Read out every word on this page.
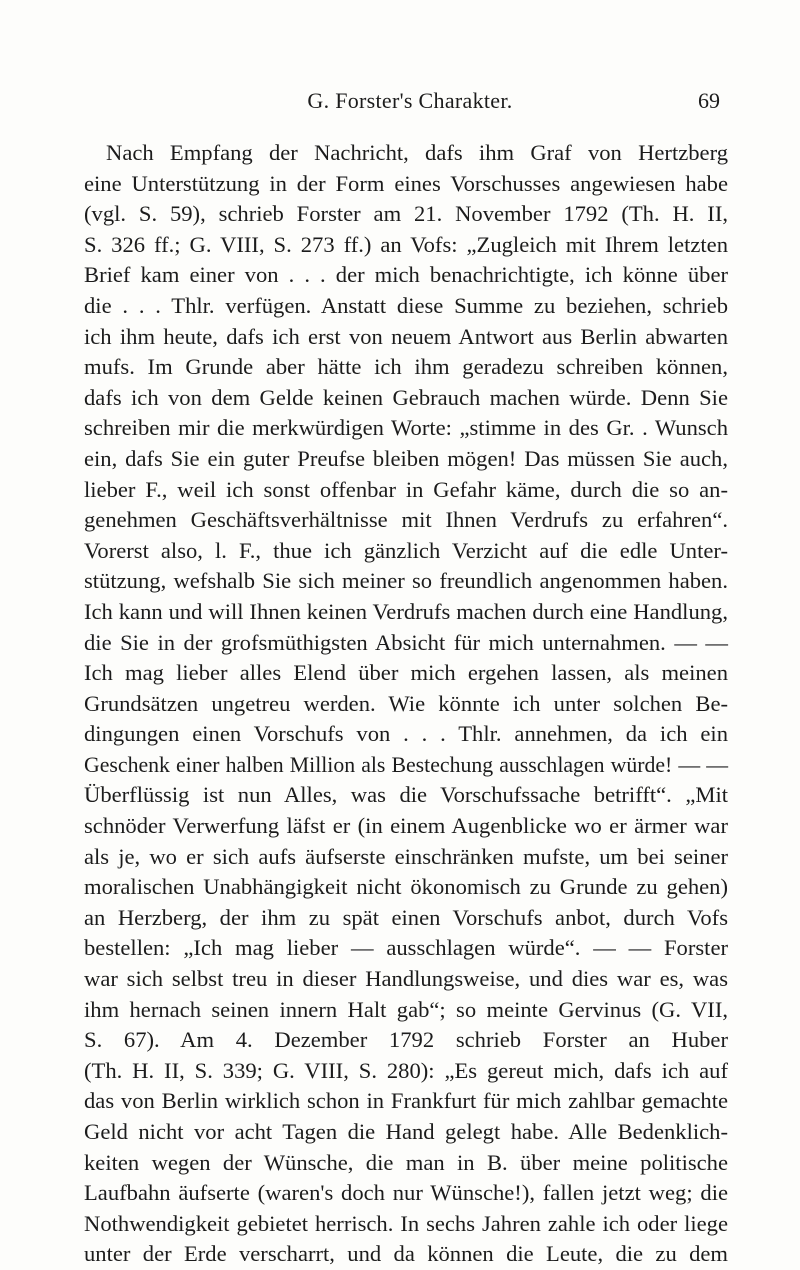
G. Forster's Charakter.	69
Nach Empfang der Nachricht, dafs ihm Graf von Hertzberg
eine Unterstützung in der Form eines Vorschusses angewiesen habe
(vgl. S. 59), schrieb Forster am 21. November 1792 (Th. H. II,
S. 326 ff.; G. VIII, S. 273 ff.) an Vofs: „Zugleich mit Ihrem letzten
Brief kam einer von . . . der mich benachrichtigte, ich könne über
die . . . Thlr. verfügen. Anstatt diese Summe zu beziehen, schrieb
ich ihm heute, dafs ich erst von neuem Antwort aus Berlin abwarten
mufs. Im Grunde aber hätte ich ihm geradezu schreiben können,
dafs ich von dem Gelde keinen Gebrauch machen würde. Denn Sie
schreiben mir die merkwürdigen Worte: „stimme in des Gr. . Wunsch
ein, dafs Sie ein guter Preufse bleiben mögen! Das müssen Sie auch,
lieber F., weil ich sonst offenbar in Gefahr käme, durch die so an-
genehmen Geschäftsverhältnisse mit Ihnen Verdrufs zu erfahren“.
Vorerst also, l. F., thue ich gänzlich Verzicht auf die edle Unter-
stützung, wefshalb Sie sich meiner so freundlich angenommen haben.
Ich kann und will Ihnen keinen Verdrufs machen durch eine Handlung,
die Sie in der grofsmüthigsten Absicht für mich unternahmen. — —
Ich mag lieber alles Elend über mich ergehen lassen, als meinen
Grundsätzen ungetreu werden. Wie könnte ich unter solchen Be-
dingungen einen Vorschufs von . . . Thlr. annehmen, da ich ein
Geschenk einer halben Million als Bestechung ausschlagen würde! — —
Überflüssig ist nun Alles, was die Vorschufssache betrifft“. „Mit
schnöder Verwerfung läfst er (in einem Augenblicke wo er ärmer war
als je, wo er sich aufs äufserste einschränken mufste, um bei seiner
moralischen Unabhängigkeit nicht ökonomisch zu Grunde zu gehen)
an Herzberg, der ihm zu spät einen Vorschufs anbot, durch Vofs
bestellen: „Ich mag lieber — ausschlagen würde“. — — Forster
war sich selbst treu in dieser Handlungsweise, und dies war es, was
ihm hernach seinen innern Halt gab“; so meinte Gervinus (G. VII,
S. 67). Am 4. Dezember 1792 schrieb Forster an Huber
(Th. H. II, S. 339; G. VIII, S. 280): „Es gereut mich, dafs ich auf
das von Berlin wirklich schon in Frankfurt für mich zahlbar gemachte
Geld nicht vor acht Tagen die Hand gelegt habe. Alle Bedenklich-
keiten wegen der Wünsche, die man in B. über meine politische
Laufbahn äufserte (waren's doch nur Wünsche!), fallen jetzt weg; die
Nothwendigkeit gebietet herrisch. In sechs Jahren zahle ich oder liege
unter der Erde verscharrt, und da können die Leute, die zu dem
